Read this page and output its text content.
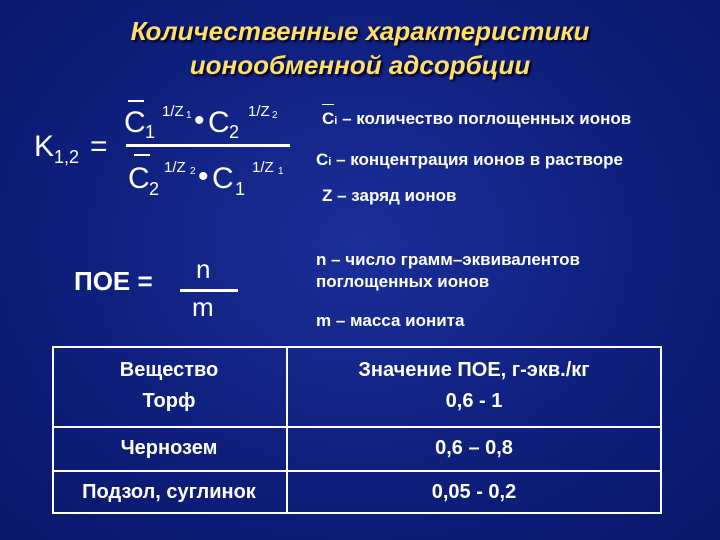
Количественные характеристики
ионообменной адсорбции
K 1,2 =
C 1
1/Z 1 • C 2
1/Z 2
C 2
1/Z 2 • C 1
1/Z 1
ПОЕ = n
m
Ci – количество поглощенных ионов
Ci – концентрация ионов в растворе
Z – заряд ионов
n – число грамм–эквивалентов
поглощенных ионов
m – масса ионита
Вещество	Значение ПОЕ, г-экв./кг
Торф	0,6 - 1
Чернозем	0,6 – 0,8
Подзол, суглинок	0,05 - 0,2
